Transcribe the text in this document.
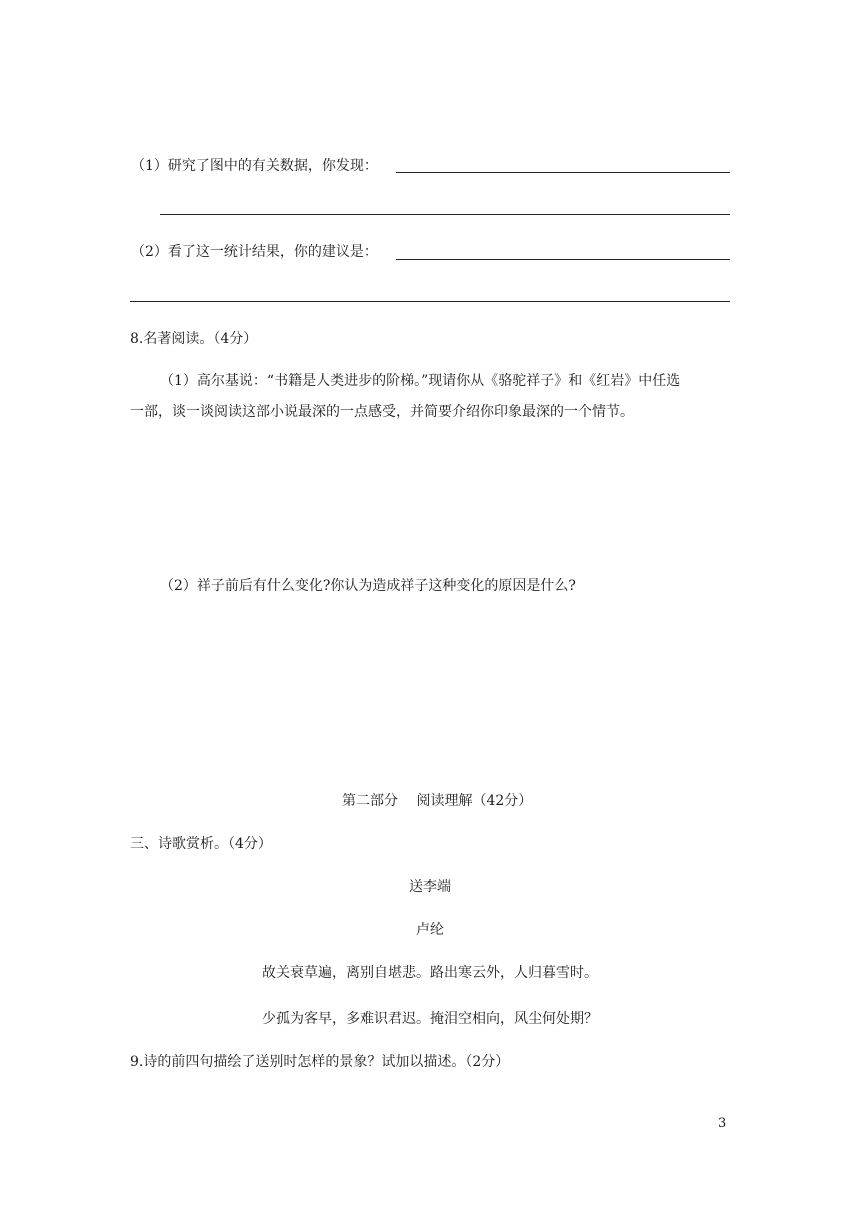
（1）研究了图中的有关数据，你发现：
（2）看了这一统计结果，你的建议是：
8.名著阅读。（4分）
（1）高尔基说：“书籍是人类进步的阶梯。”现请你从《骆驼祥子》和《红岩》中任选
一部，谈一谈阅读这部小说最深的一点感受，并简要介绍你印象最深的一个情节。
（2）祥子前后有什么变化?你认为造成祥子这种变化的原因是什么?
第二部分　 阅读理解（42分）
三、诗歌赏析。（4分）
送李端
卢纶
故关衰草遍，离别自堪悲。路出寒云外，人归暮雪时。
少孤为客早，多难识君迟。掩泪空相向，风尘何处期？
9.诗的前四句描绘了送别时怎样的景象？试加以描述。（2分）
3
